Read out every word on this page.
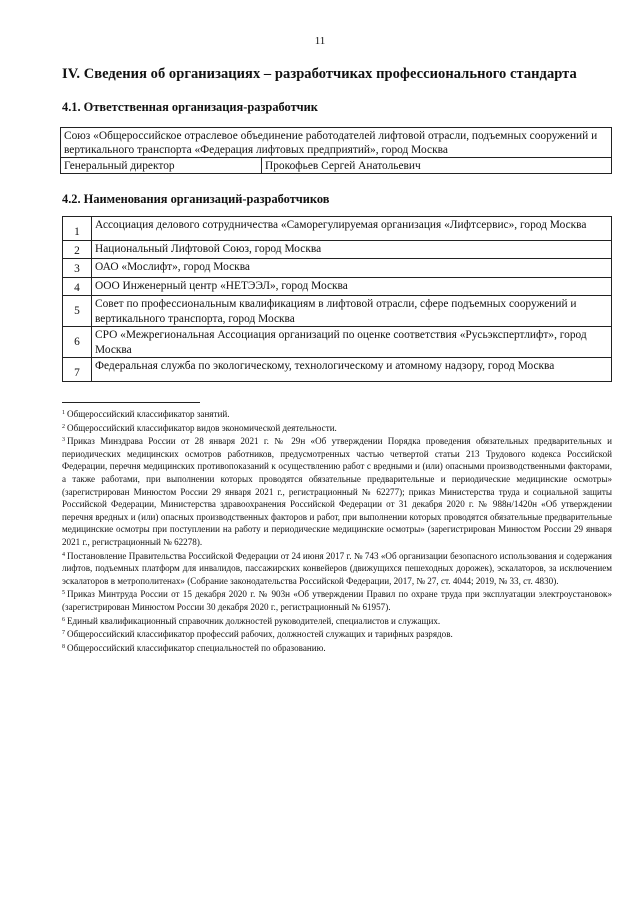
11
IV. Сведения об организациях – разработчиках профессионального стандарта
4.1. Ответственная организация-разработчик
Союз «Общероссийское отраслевое объединение работодателей лифтовой отрасли, подъемных сооружений и вертикального транспорта «Федерация лифтовых предприятий», город Москва
Генеральный директор	Прокофьев Сергей Анатольевич
4.2. Наименования организаций-разработчиков
1	Ассоциация делового сотрудничества «Саморегулируемая организация «Лифтсервис», город Москва
2	Национальный Лифтовой Союз, город Москва
3	ОАО «Мослифт», город Москва
4	ООО Инженерный центр «НЕТЭЭЛ», город Москва
5	Совет по профессиональным квалификациям в лифтовой отрасли, сфере подъемных сооружений и вертикального транспорта, город Москва
6	СРО «Межрегиональная Ассоциация организаций по оценке соответствия «Русьэкспертлифт», город Москва
7	Федеральная служба по экологическому, технологическому и атомному надзору, город Москва

$^1$ Общероссийский классификатор занятий.

$^2$ Общероссийский классификатор видов экономической деятельности.

$^3$ Приказ Минздрава России от 28 января 2021 г. № 29н «Об утверждении Порядка проведения обязательных предварительных и периодических медицинских осмотров работников, предусмотренных частью четвертой статьи 213 Трудового кодекса Российской Федерации, перечня медицинских противопоказаний к осуществлению работ с вредными и (или) опасными производственными факторами, а также работами, при выполнении которых проводятся обязательные предварительные и периодические медицинские осмотры» (зарегистрирован Минюстом России 29 января 2021 г., регистрационный № 62277); приказ Министерства труда и социальной защиты Российской Федерации, Министерства здравоохранения Российской Федерации от 31 декабря 2020 г. № 988н/1420н «Об утверждении перечня вредных и (или) опасных производственных факторов и работ, при выполнении которых проводятся обязательные предварительные медицинские осмотры при поступлении на работу и периодические медицинские осмотры» (зарегистрирован Минюстом России 29 января 2021 г., регистрационный № 62278).

$^4$ Постановление Правительства Российской Федерации от 24 июня 2017 г. № 743 «Об организации безопасного использования и содержания лифтов, подъемных платформ для инвалидов, пассажирских конвейеров (движущихся пешеходных дорожек), эскалаторов, за исключением эскалаторов в метрополитенах» (Собрание законодательства Российской Федерации, 2017, № 27, ст. 4044; 2019, № 33, ст. 4830).

$^5$ Приказ Минтруда России от 15 декабря 2020 г. № 903н «Об утверждении Правил по охране труда при эксплуатации электроустановок» (зарегистрирован Минюстом России 30 декабря 2020 г., регистрационный № 61957).

$^6$ Единый квалификационный справочник должностей руководителей, специалистов и служащих.

$^7$ Общероссийский классификатор профессий рабочих, должностей служащих и тарифных разрядов.

$^8$ Общероссийский классификатор специальностей по образованию.
